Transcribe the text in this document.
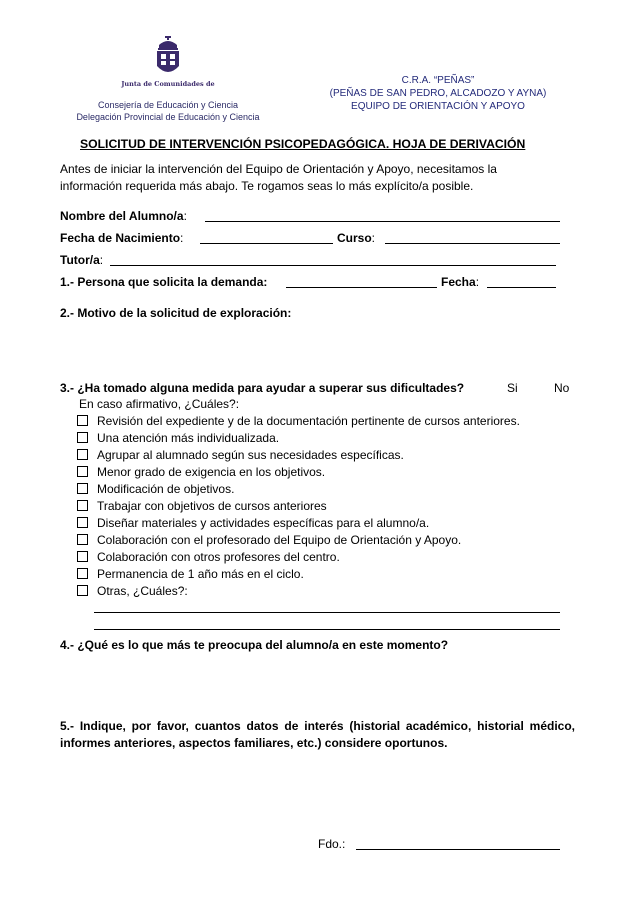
Junta de Comunidades de
Consejería de Educación y Ciencia
Delegación Provincial de Educación y Ciencia
C.R.A. “PEÑAS”
(PEÑAS DE SAN PEDRO, ALCADOZO Y AYNA)
EQUIPO DE ORIENTACIÓN Y APOYO
SOLICITUD DE INTERVENCIÓN PSICOPEDAGÓGICA. HOJA DE DERIVACIÓN
Antes de iniciar la intervención del Equipo de Orientación y Apoyo, necesitamos la información requerida más abajo. Te rogamos seas lo más explícito/a posible.
Nombre del Alumno/a:
Fecha de Nacimiento:	Curso:
Tutor/a:
1.- Persona que solicita la demanda:	Fecha:
2.- Motivo de la solicitud de exploración:
3.- ¿Ha tomado alguna medida para ayudar a superar sus dificultades?	Si	No
En caso afirmativo, ¿Cuáles?:
Revisión del expediente y de la documentación pertinente de cursos anteriores.
Una atención más individualizada.
Agrupar al alumnado según sus necesidades específicas.
Menor grado de exigencia en los objetivos.
Modificación de objetivos.
Trabajar con objetivos de cursos anteriores
Diseñar materiales y actividades específicas para el alumno/a.
Colaboración con el profesorado del Equipo de Orientación y Apoyo.
Colaboración con otros profesores del centro.
Permanencia de 1 año más en el ciclo.
Otras, ¿Cuáles?:
4.- ¿Qué es lo que más te preocupa del alumno/a en este momento?
5.- Indique, por favor, cuantos datos de interés (historial académico, historial médico, informes anteriores, aspectos familiares, etc.) considere oportunos.
Fdo.:
